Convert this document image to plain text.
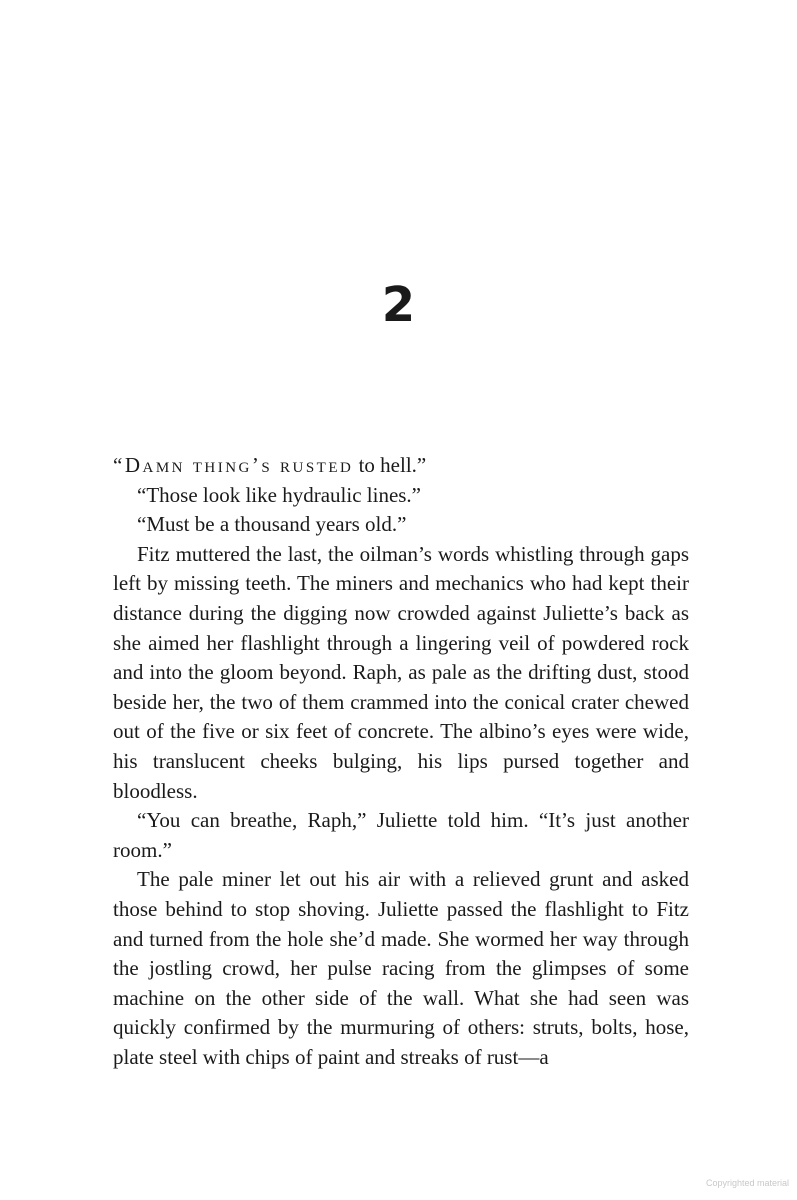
2

“Damn thing’s rusted to hell.”

“Those look like hydraulic lines.”

“Must be a thousand years old.”

Fitz muttered the last, the oilman’s words whistling through gaps left by missing teeth. The miners and mechanics who had kept their distance during the digging now crowded against Juliette’s back as she aimed her flashlight through a lingering veil of powdered rock and into the gloom beyond. Raph, as pale as the drifting dust, stood beside her, the two of them crammed into the conical crater chewed out of the five or six feet of concrete. The albino’s eyes were wide, his translucent cheeks bulging, his lips pursed together and bloodless.

“You can breathe, Raph,” Juliette told him. “It’s just another room.”

The pale miner let out his air with a relieved grunt and asked those behind to stop shoving. Juliette passed the flashlight to Fitz and turned from the hole she’d made. She wormed her way through the jostling crowd, her pulse racing from the glimpses of some machine on the other side of the wall. What she had seen was quickly confirmed by the murmuring of others: struts, bolts, hose, plate steel with chips of paint and streaks of rust—a

Copyrighted material
